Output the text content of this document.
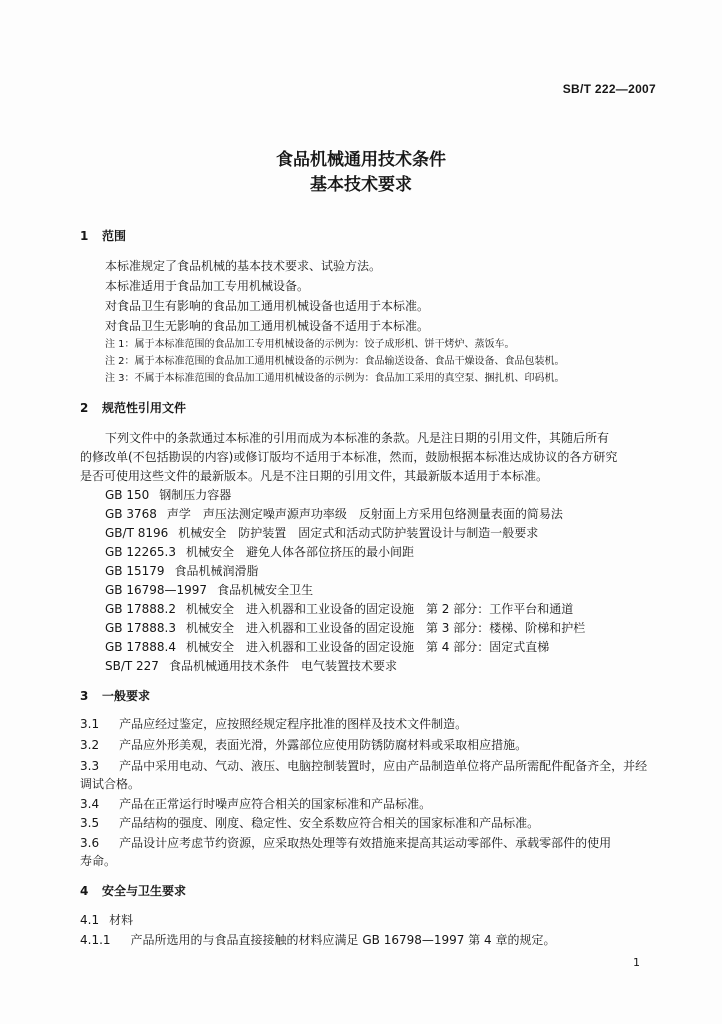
SB/T 222—2007
食品机械通用技术条件
基本技术要求
1 范围
本标准规定了食品机械的基本技术要求、试验方法。
本标准适用于食品加工专用机械设备。
对食品卫生有影响的食品加工通用机械设备也适用于本标准。
对食品卫生无影响的食品加工通用机械设备不适用于本标准。
注 1：属于本标准范围的食品加工专用机械设备的示例为：饺子成形机、饼干烤炉、蒸饭车。
注 2：属于本标准范围的食品加工通用机械设备的示例为：食品输送设备、食品干燥设备、食品包装机。
注 3：不属于本标准范围的食品加工通用机械设备的示例为：食品加工采用的真空泵、捆扎机、印码机。
2 规范性引用文件
下列文件中的条款通过本标准的引用而成为本标准的条款。凡是注日期的引用文件，其随后所有
的修改单(不包括勘误的内容)或修订版均不适用于本标准，然而，鼓励根据本标准达成协议的各方研究
是否可使用这些文件的最新版本。凡是不注日期的引用文件，其最新版本适用于本标准。
GB 150 钢制压力容器
GB 3768 声学　声压法测定噪声源声功率级　反射面上方采用包络测量表面的简易法
GB/T 8196 机械安全　防护装置　固定式和活动式防护装置设计与制造一般要求
GB 12265.3 机械安全　避免人体各部位挤压的最小间距
GB 15179 食品机械润滑脂
GB 16798—1997 食品机械安全卫生
GB 17888.2 机械安全　进入机器和工业设备的固定设施　第 2 部分：工作平台和通道
GB 17888.3 机械安全　进入机器和工业设备的固定设施　第 3 部分：楼梯、阶梯和护栏
GB 17888.4 机械安全　进入机器和工业设备的固定设施　第 4 部分：固定式直梯
SB/T 227 食品机械通用技术条件　电气装置技术要求
3 一般要求
3.1 产品应经过鉴定，应按照经规定程序批准的图样及技术文件制造。
3.2 产品应外形美观，表面光滑，外露部位应使用防锈防腐材料或采取相应措施。
3.3 产品中采用电动、气动、液压、电脑控制装置时，应由产品制造单位将产品所需配件配备齐全，并经
调试合格。
3.4 产品在正常运行时噪声应符合相关的国家标准和产品标准。
3.5 产品结构的强度、刚度、稳定性、安全系数应符合相关的国家标准和产品标准。
3.6 产品设计应考虑节约资源，应采取热处理等有效措施来提高其运动零部件、承载零部件的使用
寿命。
4 安全与卫生要求
4.1 材料
4.1.1 产品所选用的与食品直接接触的材料应满足 GB 16798—1997 第 4 章的规定。
1
